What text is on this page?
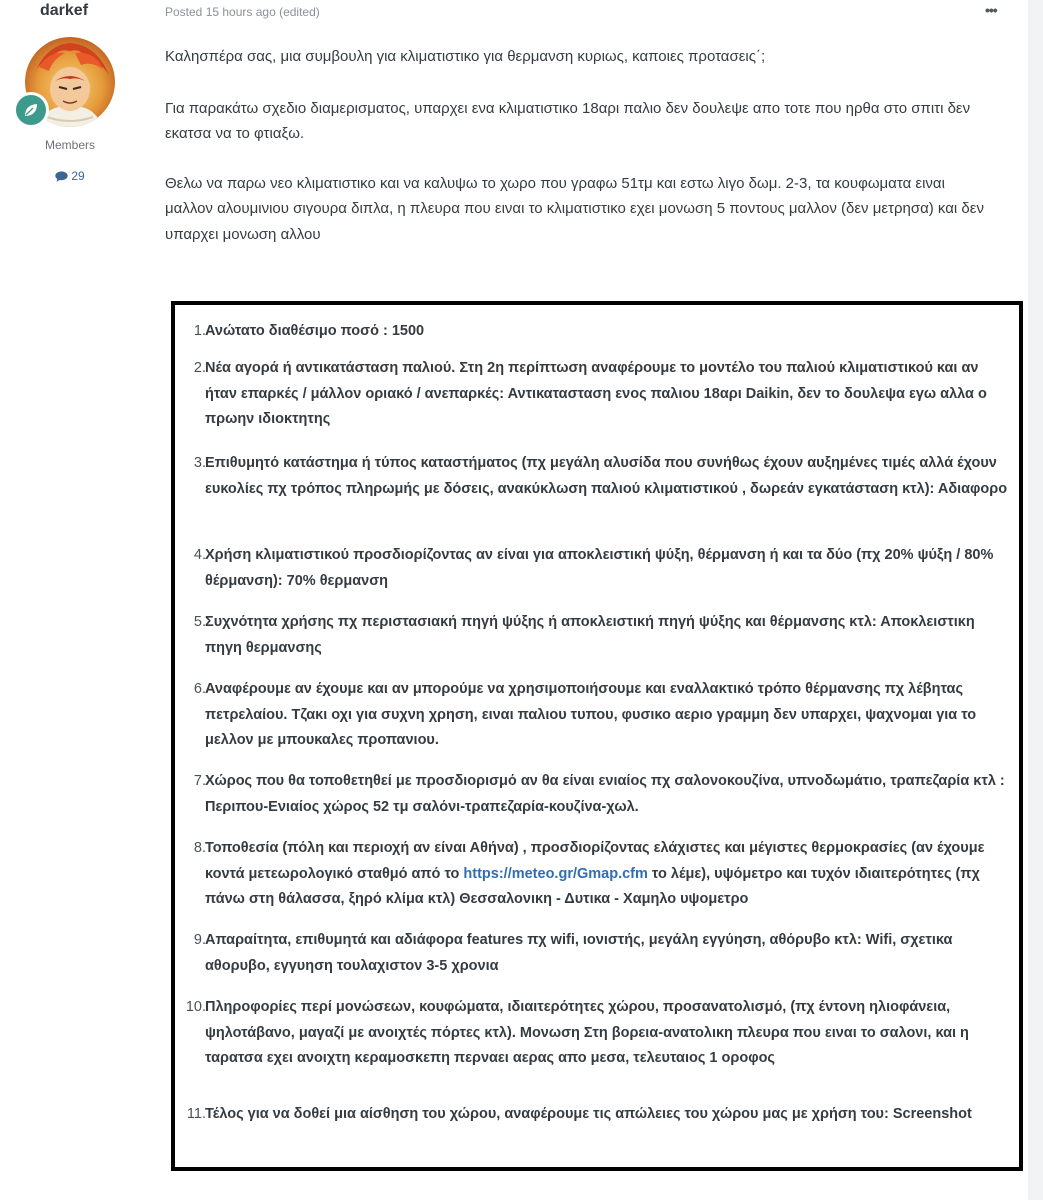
darkef
Members
29
Posted 15 hours ago (edited)	•••

Καλησπέρα σας, μια συμβουλη για κλιματιστικο για θερμανση κυριως, καποιες προτασεις΄;

Για παρακάτω σχεδιο διαμερισματος, υπαρχει ενα κλιματιστικο 18αρι παλιο δεν δουλεψε απο τοτε που ηρθα στο σπιτι δεν εκατσα να το φτιαξω.

Θελω να παρω νεο κλιματιστικο και να καλυψω το χωρο που γραφω 51τμ και εστω λιγο δωμ. 2-3, τα κουφωματα ειναι μαλλον αλουμινιου σιγουρα διπλα, η πλευρα που ειναι το κλιματιστικο εχει μονωση 5 ποντους μαλλον (δεν μετρησα) και δεν υπαρχει μονωση αλλου

1. Ανώτατο διαθέσιμο ποσό : 1500
2. Νέα αγορά ή αντικατάσταση παλιού. Στη 2η περίπτωση αναφέρουμε το μοντέλο του παλιού κλιματιστικού και αν ήταν επαρκές / μάλλον οριακό / ανεπαρκές: Αντικατασταση ενος παλιου 18αρι Daikin, δεν το δουλεψα εγω αλλα ο πρωην ιδιοκτητης
3. Επιθυμητό κατάστημα ή τύπος καταστήματος (πχ μεγάλη αλυσίδα που συνήθως έχουν αυξημένες τιμές αλλά έχουν ευκολίες πχ τρόπος πληρωμής με δόσεις, ανακύκλωση παλιού κλιματιστικού , δωρεάν εγκατάσταση κτλ): Αδιαφορο
4. Χρήση κλιματιστικού προσδιορίζοντας αν είναι για αποκλειστική ψύξη, θέρμανση ή και τα δύο (πχ 20% ψύξη / 80% θέρμανση): 70% θερμανση
5. Συχνότητα χρήσης πχ περιστασιακή πηγή ψύξης ή αποκλειστική πηγή ψύξης και θέρμανσης κτλ: Αποκλειστικη πηγη θερμανσης
6. Αναφέρουμε αν έχουμε και αν μπορούμε να χρησιμοποιήσουμε και εναλλακτικό τρόπο θέρμανσης πχ λέβητας πετρελαίου. Τζακι οχι για συχνη χρηση, ειναι παλιου τυπου, φυσικο αεριο γραμμη δεν υπαρχει, ψαχνομαι για το μελλον με μπουκαλες προπανιου.
7. Χώρος που θα τοποθετηθεί με προσδιορισμό αν θα είναι ενιαίος πχ σαλονοκουζίνα, υπνοδωμάτιο, τραπεζαρία κτλ : Περιπου-Ενιαίος χώρος 52 τμ σαλόνι-τραπεζαρία-κουζίνα-χωλ.
8. Τοποθεσία (πόλη και περιοχή αν είναι Αθήνα) , προσδιορίζοντας ελάχιστες και μέγιστες θερμοκρασίες (αν έχουμε κοντά μετεωρολογικό σταθμό από το https://meteo.gr/Gmap.cfm το λέμε), υψόμετρο και τυχόν ιδιαιτερότητες (πχ πάνω στη θάλασσα, ξηρό κλίμα κτλ) Θεσσαλονικη - Δυτικα - Χαμηλο υψομετρο
9. Απαραίτητα, επιθυμητά και αδιάφορα features πχ wifi, ιονιστής, μεγάλη εγγύηση, αθόρυβο κτλ: Wifi, σχετικα αθορυβο, εγγυηση τουλαχιστον 3-5 χρονια
10. Πληροφορίες περί μονώσεων, κουφώματα, ιδιαιτερότητες χώρου, προσανατολισμό, (πχ έντονη ηλιοφάνεια, ψηλοτάβανο, μαγαζί με ανοιχτές πόρτες κτλ). Μονωση Στη βορεια-ανατολικη πλευρα που ειναι το σαλονι, και η ταρατσα εχει ανοιχτη κεραμοσκεπη περναει αερας απο μεσα, τελευταιος 1 οροφος
11. Τέλος για να δοθεί μια αίσθηση του χώρου, αναφέρουμε τις απώλειες του χώρου μας με χρήση του: Screenshot
